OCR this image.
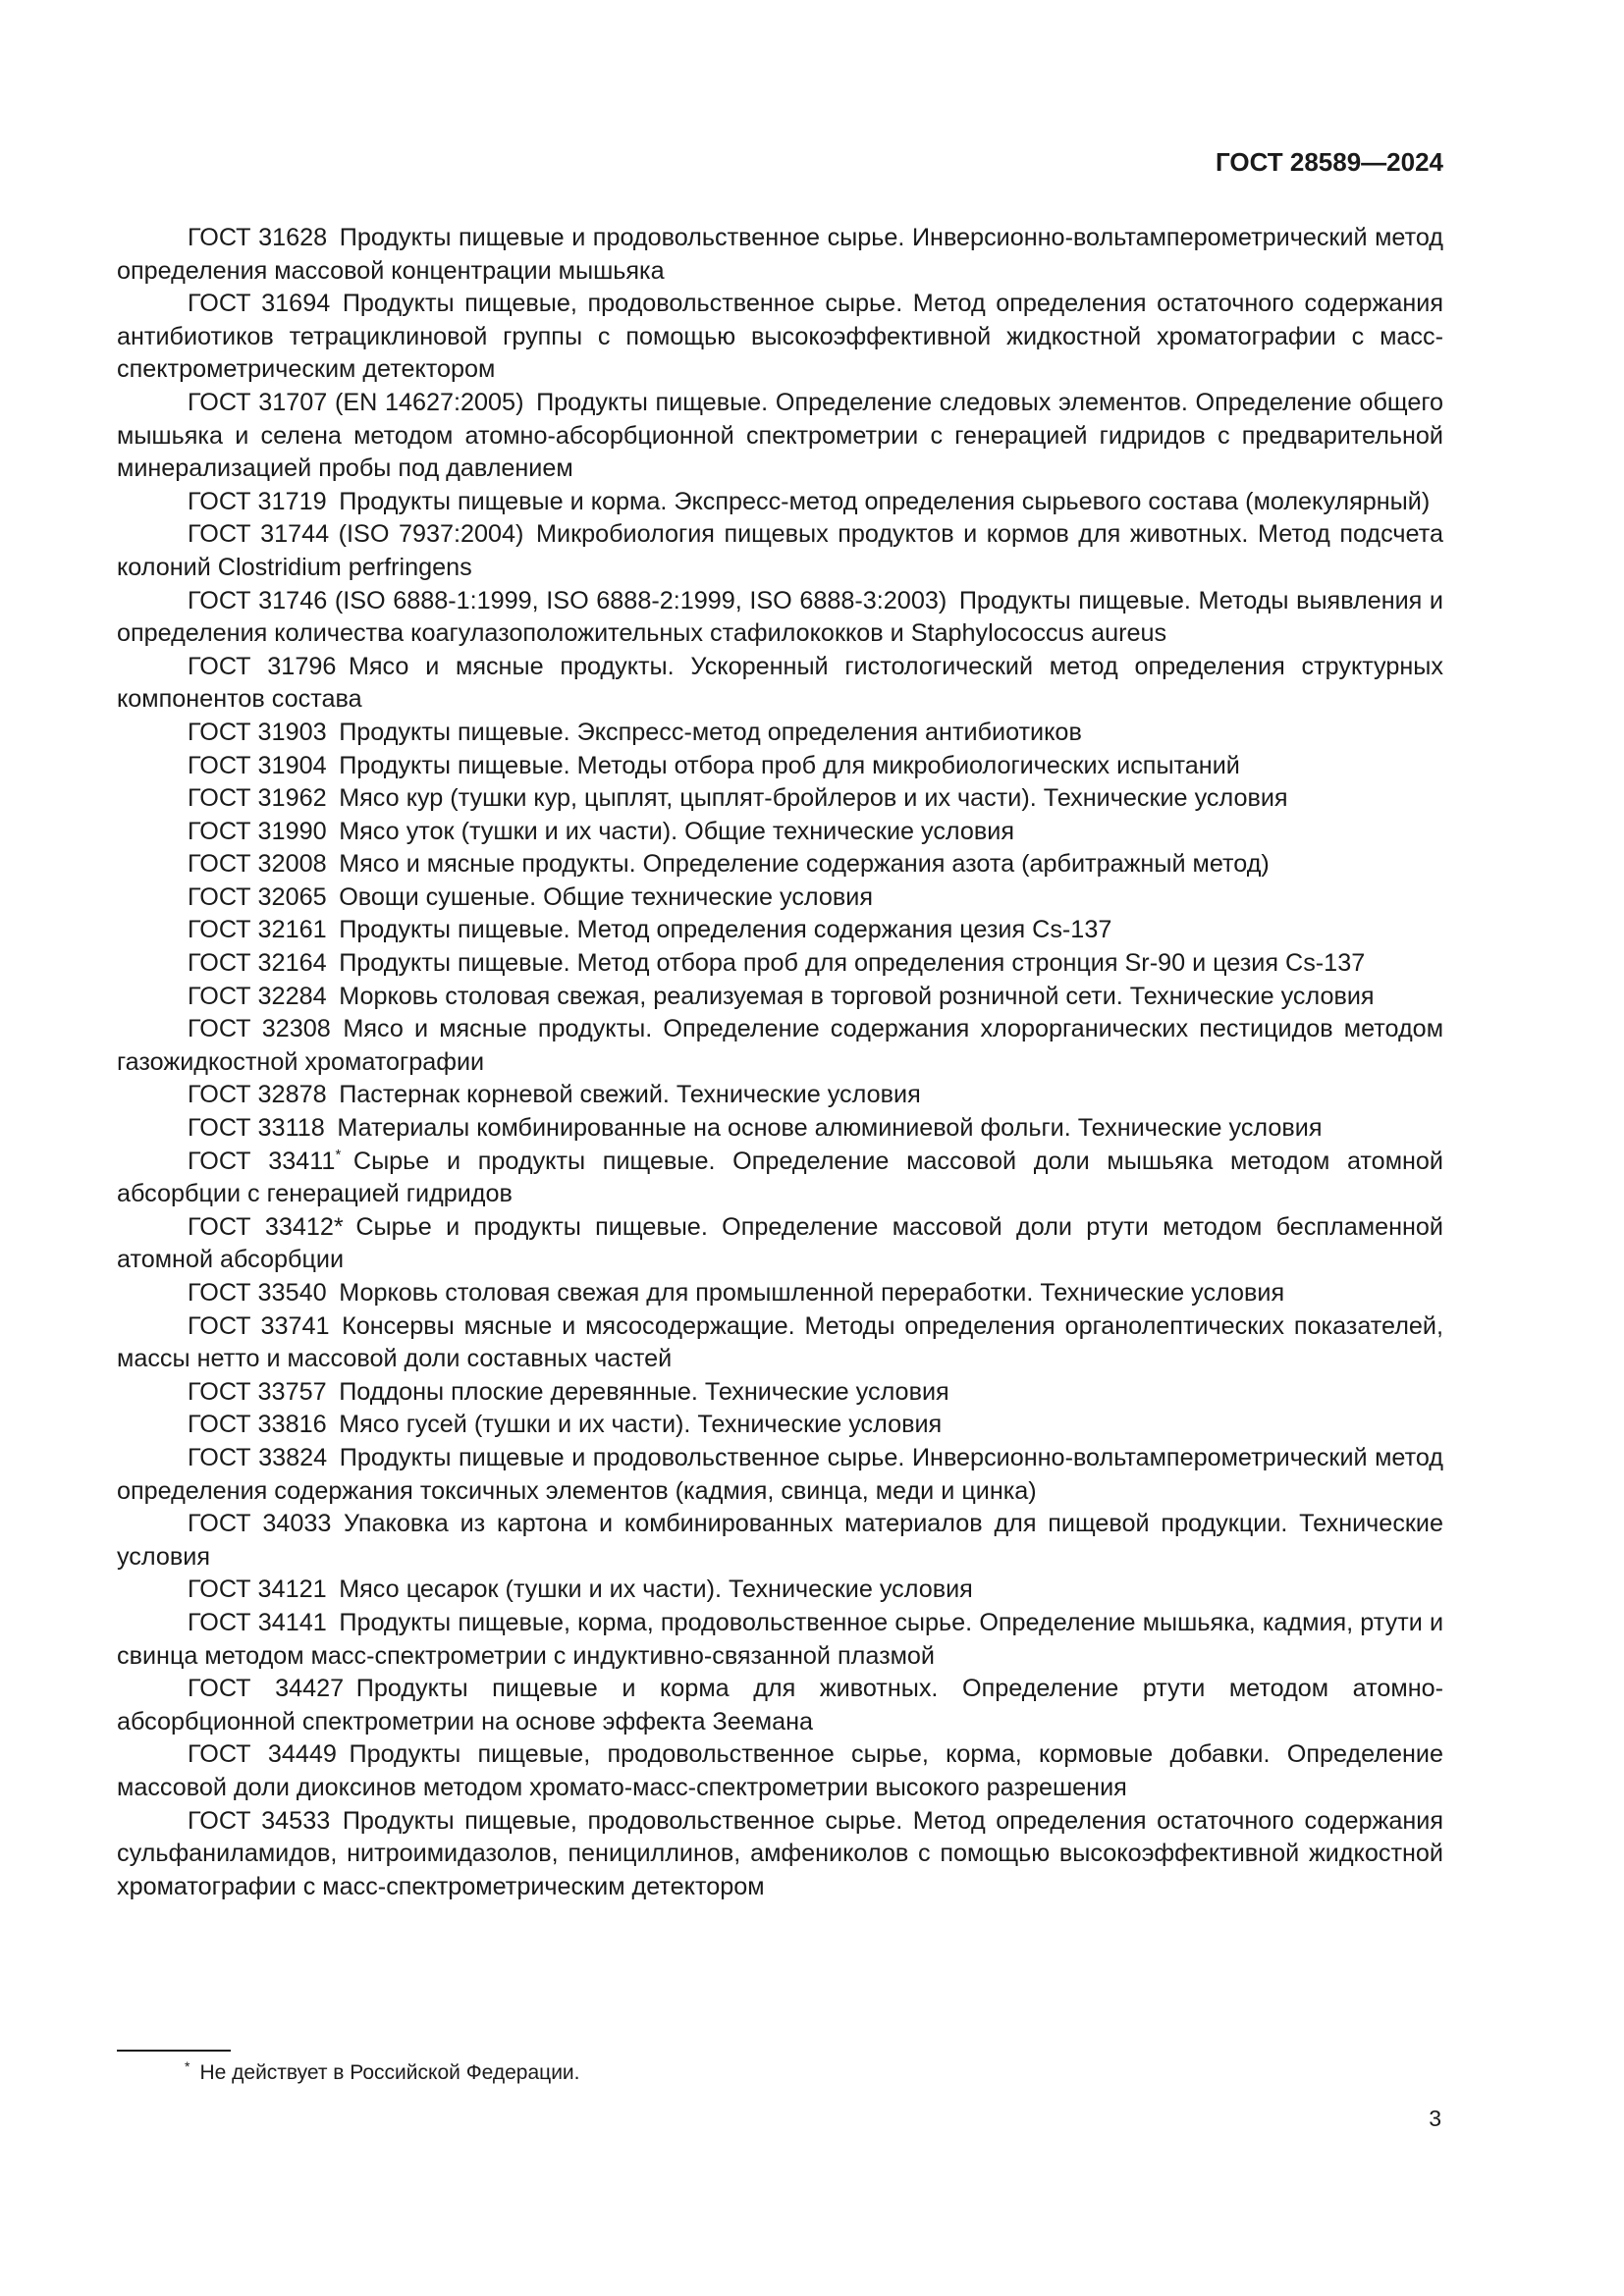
ГОСТ 28589—2024

ГОСТ 31628  Продукты пищевые и продовольственное сырье. Инверсионно-вольтамперометрический метод определения массовой концентрации мышьяка

ГОСТ 31694  Продукты пищевые, продовольственное сырье. Метод определения остаточного содержания антибиотиков тетрациклиновой группы с помощью высокоэффективной жидкостной хроматографии с масс-спектрометрическим детектором

ГОСТ 31707 (EN 14627:2005)  Продукты пищевые. Определение следовых элементов. Определение общего мышьяка и селена методом атомно-абсорбционной спектрометрии с генерацией гидридов с предварительной минерализацией пробы под давлением

ГОСТ 31719  Продукты пищевые и корма. Экспресс-метод определения сырьевого состава (молекулярный)

ГОСТ 31744 (ISO 7937:2004)  Микробиология пищевых продуктов и кормов для животных. Метод подсчета колоний Clostridium perfringens

ГОСТ 31746 (ISO 6888-1:1999, ISO 6888-2:1999, ISO 6888-3:2003)  Продукты пищевые. Методы выявления и определения количества коагулазоположительных стафилококков и Staphylococcus aureus

ГОСТ 31796  Мясо и мясные продукты. Ускоренный гистологический метод определения структурных компонентов состава

ГОСТ 31903  Продукты пищевые. Экспресс-метод определения антибиотиков

ГОСТ 31904  Продукты пищевые. Методы отбора проб для микробиологических испытаний

ГОСТ 31962  Мясо кур (тушки кур, цыплят, цыплят-бройлеров и их части). Технические условия

ГОСТ 31990  Мясо уток (тушки и их части). Общие технические условия

ГОСТ 32008  Мясо и мясные продукты. Определение содержания азота (арбитражный метод)

ГОСТ 32065  Овощи сушеные. Общие технические условия

ГОСТ 32161  Продукты пищевые. Метод определения содержания цезия Cs-137

ГОСТ 32164  Продукты пищевые. Метод отбора проб для определения стронция Sr-90 и цезия Cs-137

ГОСТ 32284  Морковь столовая свежая, реализуемая в торговой розничной сети. Технические условия

ГОСТ 32308  Мясо и мясные продукты. Определение содержания хлорорганических пестицидов методом газожидкостной хроматографии

ГОСТ 32878  Пастернак корневой свежий. Технические условия

ГОСТ 33118  Материалы комбинированные на основе алюминиевой фольги. Технические условия

ГОСТ 33411*  Сырье и продукты пищевые. Определение массовой доли мышьяка методом атомной абсорбции с генерацией гидридов

ГОСТ 33412*  Сырье и продукты пищевые. Определение массовой доли ртути методом беспламенной атомной абсорбции

ГОСТ 33540  Морковь столовая свежая для промышленной переработки. Технические условия

ГОСТ 33741  Консервы мясные и мясосодержащие. Методы определения органолептических показателей, массы нетто и массовой доли составных частей

ГОСТ 33757  Поддоны плоские деревянные. Технические условия

ГОСТ 33816  Мясо гусей (тушки и их части). Технические условия

ГОСТ 33824  Продукты пищевые и продовольственное сырье. Инверсионно-вольтамперометрический метод определения содержания токсичных элементов (кадмия, свинца, меди и цинка)

ГОСТ 34033  Упаковка из картона и комбинированных материалов для пищевой продукции. Технические условия

ГОСТ 34121  Мясо цесарок (тушки и их части). Технические условия

ГОСТ 34141  Продукты пищевые, корма, продовольственное сырье. Определение мышьяка, кадмия, ртути и свинца методом масс-спектрометрии с индуктивно-связанной плазмой

ГОСТ 34427  Продукты пищевые и корма для животных. Определение ртути методом атомно-абсорбционной спектрометрии на основе эффекта Зеемана

ГОСТ 34449  Продукты пищевые, продовольственное сырье, корма, кормовые добавки. Определение массовой доли диоксинов методом хромато-масс-спектрометрии высокого разрешения

ГОСТ 34533  Продукты пищевые, продовольственное сырье. Метод определения остаточного содержания сульфаниламидов, нитроимидазолов, пенициллинов, амфениколов с помощью высокоэффективной жидкостной хроматографии с масс-спектрометрическим детектором

* Не действует в Российской Федерации.
3
